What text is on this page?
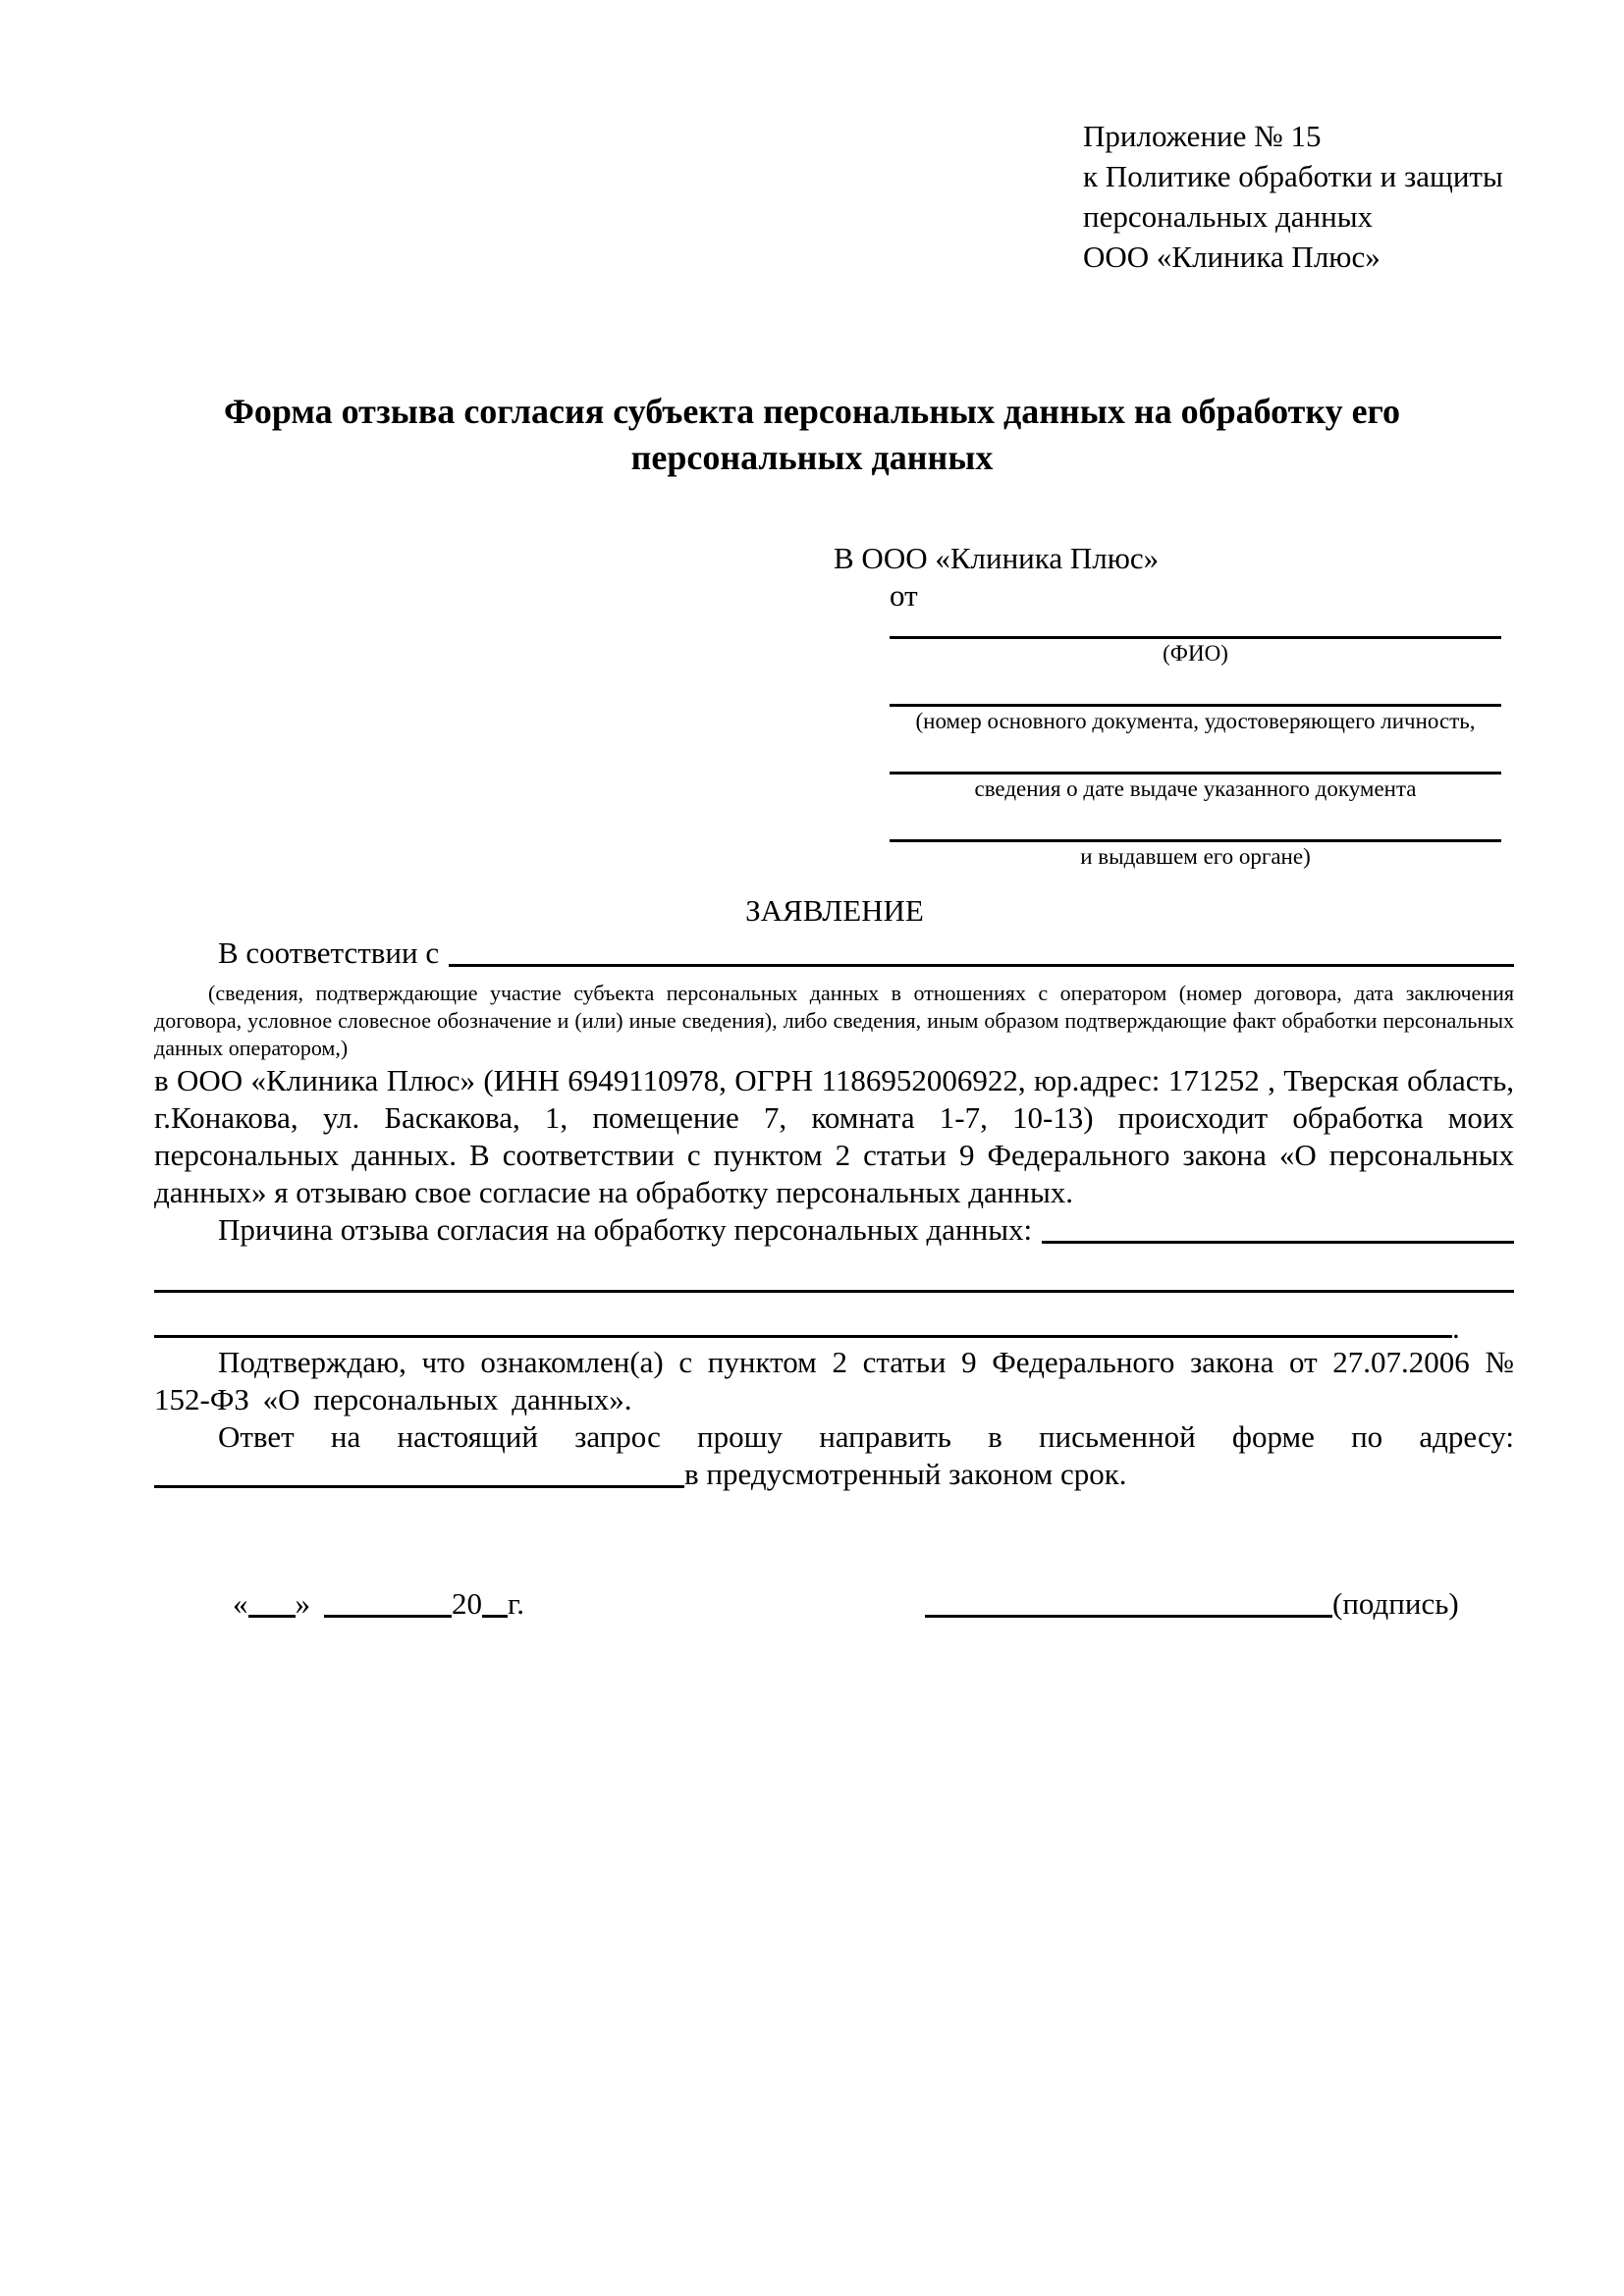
Приложение № 15
к Политике обработки и защиты
персональных данных
ООО «Клиника Плюс»
Форма отзыва согласия субъекта персональных данных на обработку его персональных данных
В ООО «Клиника Плюс»
от
(ФИО)
(номер основного документа, удостоверяющего личность,
сведения о дате выдаче указанного документа
и выдавшем его органе)
ЗАЯВЛЕНИЕ
В соответствии с
(сведения, подтверждающие участие субъекта персональных данных в отношениях с оператором (номер договора, дата заключения договора, условное словесное обозначение и (или) иные сведения), либо сведения, иным образом подтверждающие факт обработки персональных данных оператором,)
в ООО «Клиника Плюс» (ИНН 6949110978, ОГРН 1186952006922, юр.адрес: 171252 , Тверская область, г.Конакова, ул. Баскакова, 1, помещение 7, комната 1-7, 10-13) происходит обработка моих персональных данных. В соответствии с пунктом 2 статьи 9 Федерального закона «О персональных данных» я отзываю свое согласие на обработку персональных данных.
Причина отзыва согласия на обработку персональных данных:
.
Подтверждаю, что ознакомлен(а) с пунктом 2 статьи 9 Федерального закона от 27.07.2006 № 152-ФЗ «О персональных данных».
Ответ на настоящий запрос прошу направить в письменной форме по адресу:
в предусмотренный законом срок.
« »	20 г.	(подпись)
